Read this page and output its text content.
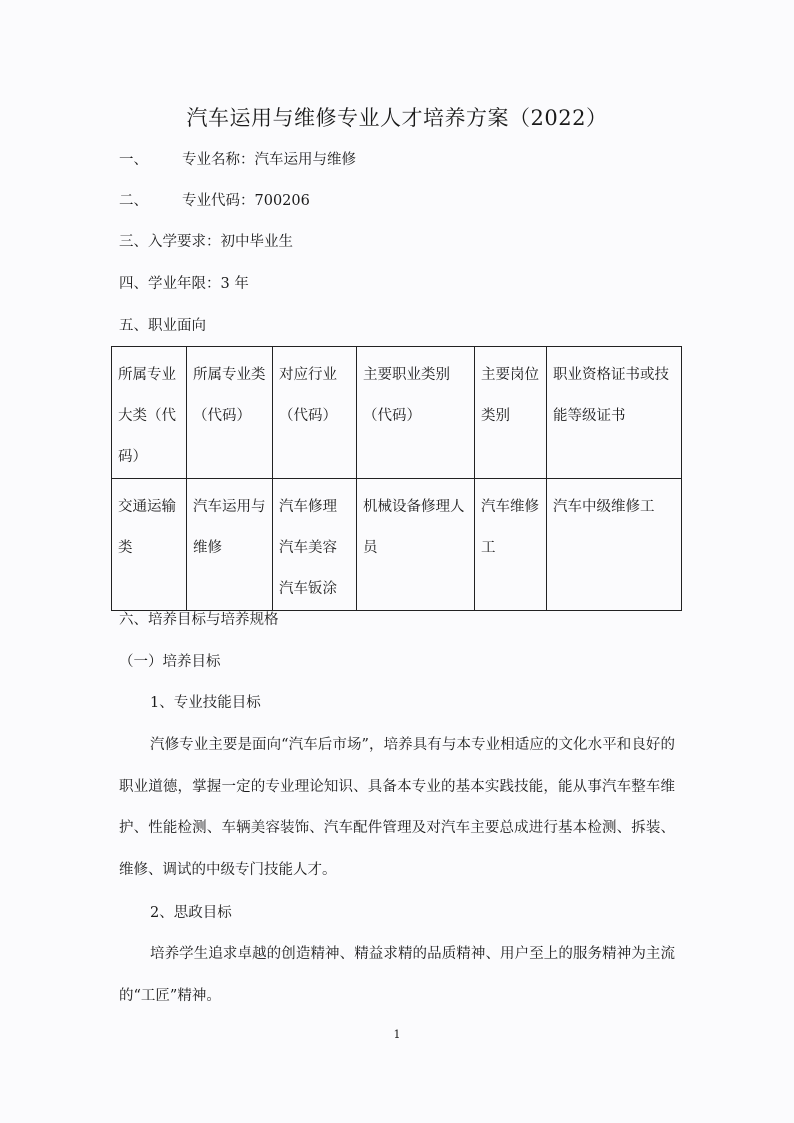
汽车运用与维修专业人才培养方案（2022）
一、 专业名称：汽车运用与维修
二、 专业代码：700206
三、入学要求：初中毕业生
四、学业年限：3 年
五、职业面向
所属专业大类（代码）	所属专业类（代码）	对应行业（代码）	主要职业类别（代码）	主要岗位类别	职业资格证书或技能等级证书
交通运输类	汽车运用与维修	汽车修理汽车美容汽车钣涂	机械设备修理人员	汽车维修工	汽车中级维修工
六、培养目标与培养规格
（一）培养目标
1、专业技能目标
汽修专业主要是面向“汽车后市场”，培养具有与本专业相适应的文化水平和良好的职业道德，掌握一定的专业理论知识、具备本专业的基本实践技能，能从事汽车整车维护、性能检测、车辆美容装饰、汽车配件管理及对汽车主要总成进行基本检测、拆装、维修、调试的中级专门技能人才。
2、思政目标
培养学生追求卓越的创造精神、精益求精的品质精神、用户至上的服务精神为主流的“工匠”精神。
1
